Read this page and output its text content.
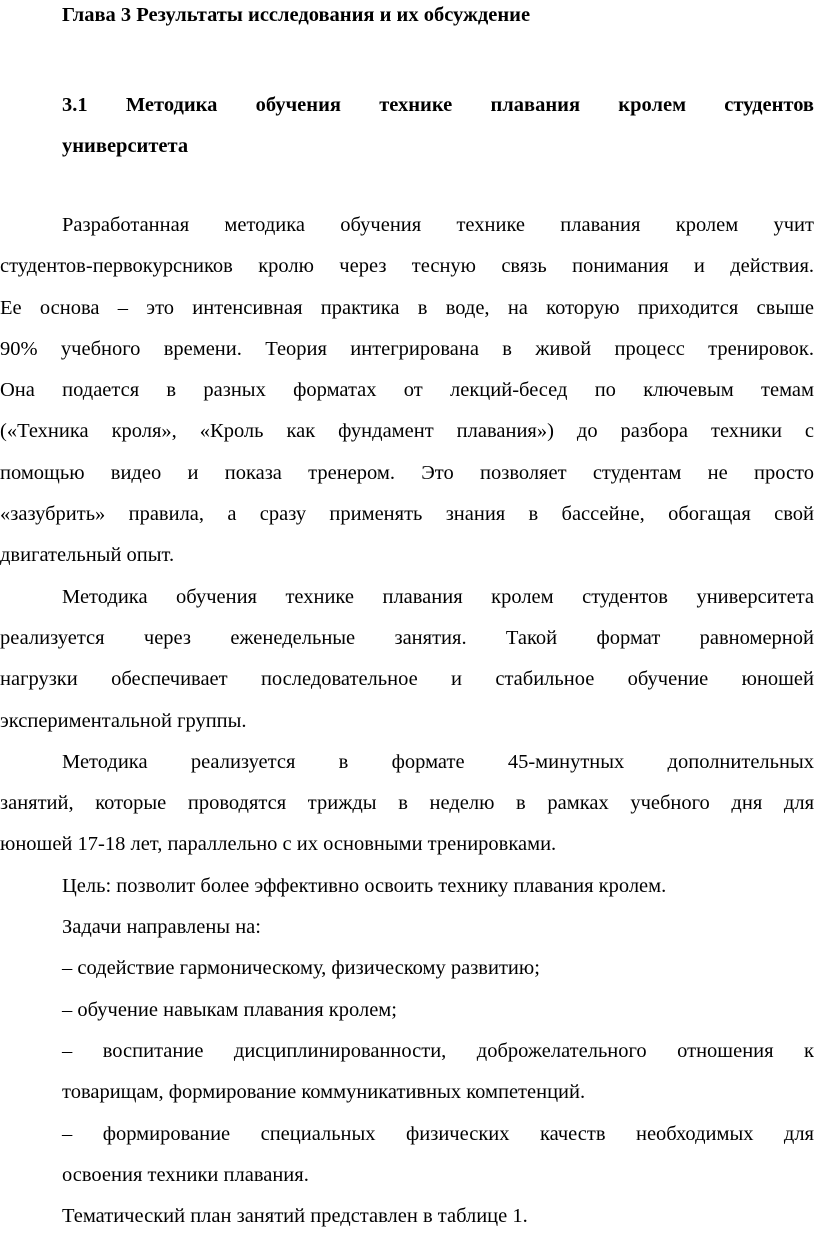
Глава 3 Результаты исследования и их обсуждение
3.1 Методика обучения технике плавания кролем студентов
университета
Разработанная методика обучения технике плавания кролем учит
студентов-первокурсников кролю через тесную связь понимания и действия.
Ее основа – это интенсивная практика в воде, на которую приходится свыше
90% учебного времени. Теория интегрирована в живой процесс тренировок.
Она подается в разных форматах от лекций-бесед по ключевым темам
(«Техника кроля», «Кроль как фундамент плавания») до разбора техники с
помощью видео и показа тренером. Это позволяет студентам не просто
«зазубрить» правила, а сразу применять знания в бассейне, обогащая свой
двигательный опыт.
Методика обучения технике плавания кролем студентов университета
реализуется через еженедельные занятия. Такой формат равномерной
нагрузки обеспечивает последовательное и стабильное обучение юношей
экспериментальной группы.
Методика реализуется в формате 45-минутных дополнительных
занятий, которые проводятся трижды в неделю в рамках учебного дня для
юношей 17-18 лет, параллельно с их основными тренировками.
Цель: позволит более эффективно освоить технику плавания кролем.
Задачи направлены на:
– содействие гармоническому, физическому развитию;
– обучение навыкам плавания кролем;
– воспитание дисциплинированности, доброжелательного отношения к
товарищам, формирование коммуникативных компетенций.
– формирование специальных физических качеств необходимых для
освоения техники плавания.
Тематический план занятий представлен в таблице 1.
